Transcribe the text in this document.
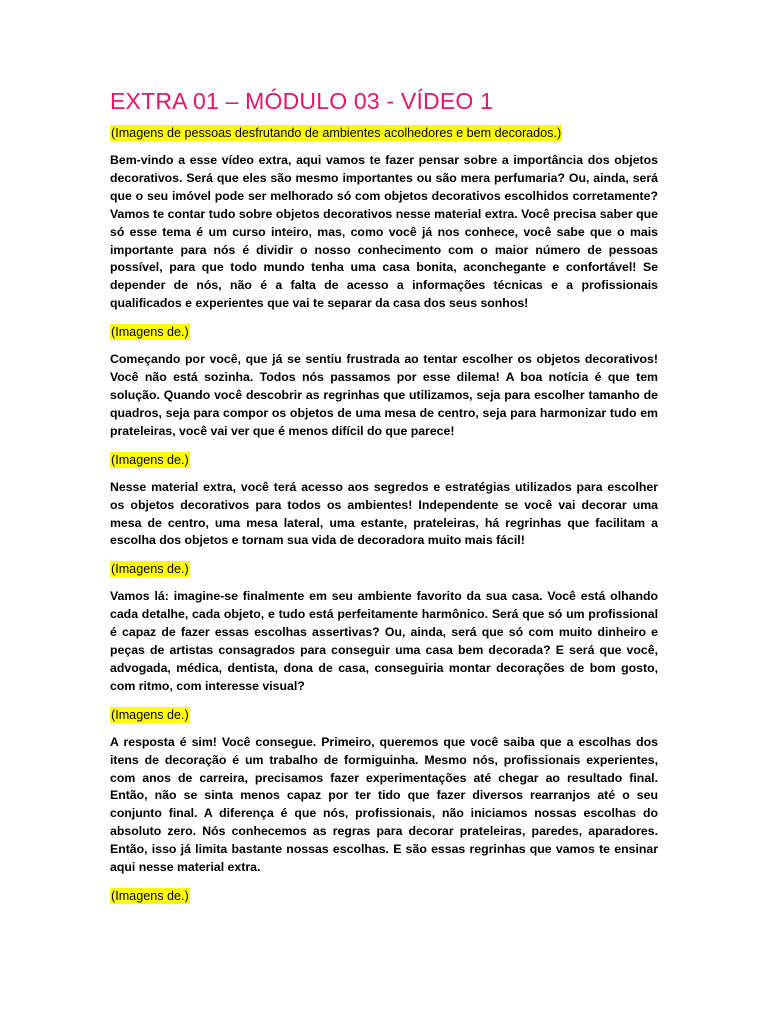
EXTRA 01 – MÓDULO 03 - VÍDEO 1
(Imagens de pessoas desfrutando de ambientes acolhedores e bem decorados.)

Bem-vindo a esse vídeo extra, aqui vamos te fazer pensar sobre a importância dos objetos decorativos. Será que eles são mesmo importantes ou são mera perfumaria? Ou, ainda, será que o seu imóvel pode ser melhorado só com objetos decorativos escolhidos corretamente? Vamos te contar tudo sobre objetos decorativos nesse material extra. Você precisa saber que só esse tema é um curso inteiro, mas, como você já nos conhece, você sabe que o mais importante para nós é dividir o nosso conhecimento com o maior número de pessoas possível, para que todo mundo tenha uma casa bonita, aconchegante e confortável! Se depender de nós, não é a falta de acesso a informações técnicas e a profissionais qualificados e experientes que vai te separar da casa dos seus sonhos!

(Imagens de.)

Começando por você, que já se sentiu frustrada ao tentar escolher os objetos decorativos! Você não está sozinha. Todos nós passamos por esse dilema! A boa notícia é que tem solução. Quando você descobrir as regrinhas que utilizamos, seja para escolher tamanho de quadros, seja para compor os objetos de uma mesa de centro, seja para harmonizar tudo em prateleiras, você vai ver que é menos difícil do que parece!

(Imagens de.)

Nesse material extra, você terá acesso aos segredos e estratégias utilizados para escolher os objetos decorativos para todos os ambientes! Independente se você vai decorar uma mesa de centro, uma mesa lateral, uma estante, prateleiras, há regrinhas que facilitam a escolha dos objetos e tornam sua vida de decoradora muito mais fácil!

(Imagens de.)

Vamos lá: imagine-se finalmente em seu ambiente favorito da sua casa. Você está olhando cada detalhe, cada objeto, e tudo está perfeitamente harmônico. Será que só um profissional é capaz de fazer essas escolhas assertivas? Ou, ainda, será que só com muito dinheiro e peças de artistas consagrados para conseguir uma casa bem decorada? E será que você, advogada, médica, dentista, dona de casa, conseguiria montar decorações de bom gosto, com ritmo, com interesse visual?

(Imagens de.)

A resposta é sim! Você consegue. Primeiro, queremos que você saiba que a escolhas dos itens de decoração é um trabalho de formiguinha. Mesmo nós, profissionais experientes, com anos de carreira, precisamos fazer experimentações até chegar ao resultado final. Então, não se sinta menos capaz por ter tido que fazer diversos rearranjos até o seu conjunto final. A diferença é que nós, profissionais, não iniciamos nossas escolhas do absoluto zero. Nós conhecemos as regras para decorar prateleiras, paredes, aparadores. Então, isso já limita bastante nossas escolhas. E são essas regrinhas que vamos te ensinar aqui nesse material extra.

(Imagens de.)
